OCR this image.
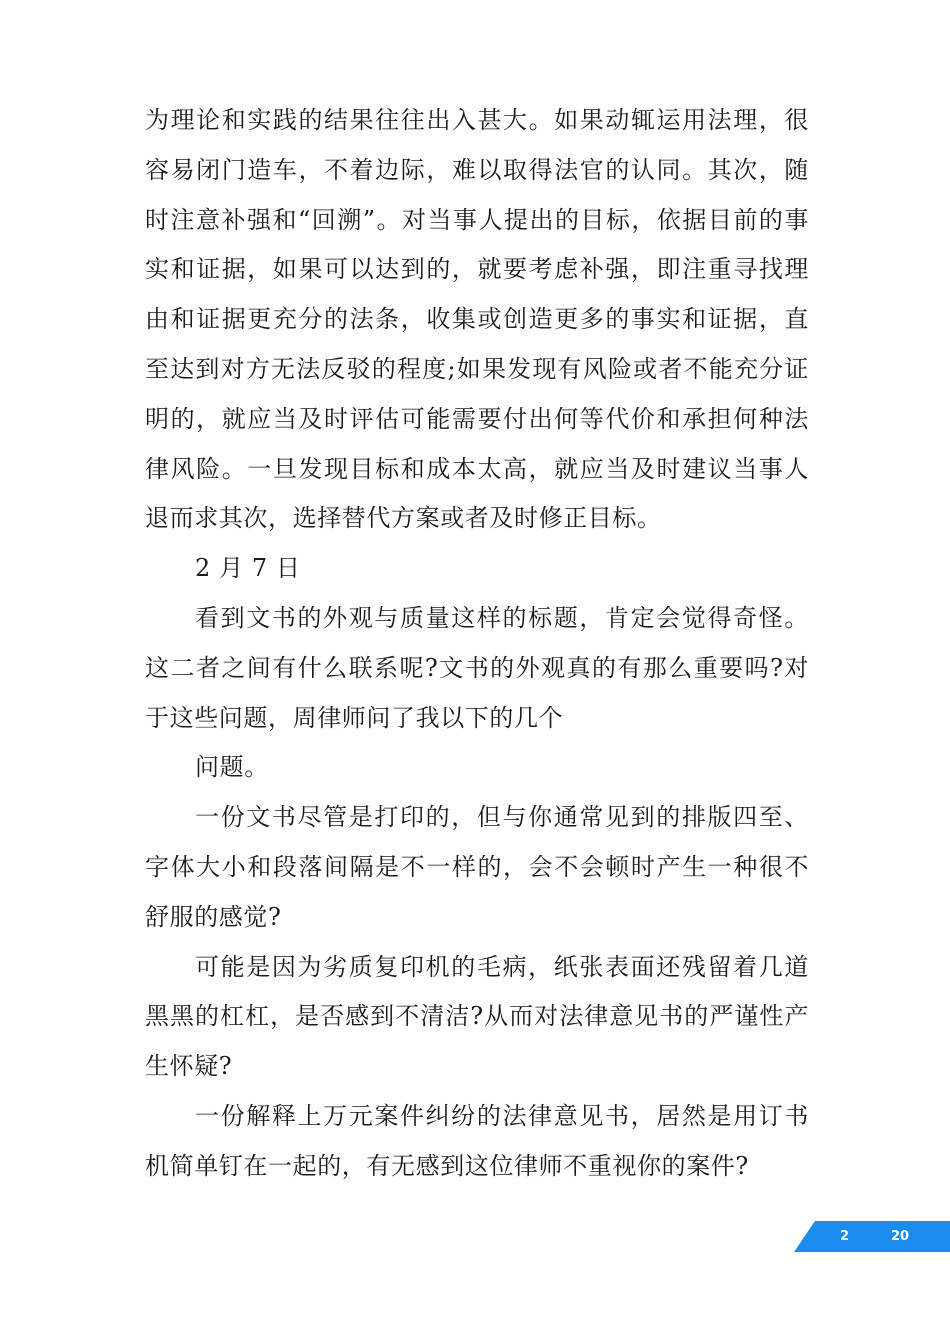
为理论和实践的结果往往出入甚大。如果动辄运用法理，很容易闭门造车，不着边际，难以取得法官的认同。其次，随时注意补强和“回溯”。对当事人提出的目标，依据目前的事实和证据，如果可以达到的，就要考虑补强，即注重寻找理由和证据更充分的法条，收集或创造更多的事实和证据，直至达到对方无法反驳的程度;如果发现有风险或者不能充分证明的，就应当及时评估可能需要付出何等代价和承担何种法律风险。一旦发现目标和成本太高，就应当及时建议当事人退而求其次，选择替代方案或者及时修正目标。

2 月 7 日

看到文书的外观与质量这样的标题，肯定会觉得奇怪。这二者之间有什么联系呢?文书的外观真的有那么重要吗?对于这些问题，周律师问了我以下的几个

问题。

一份文书尽管是打印的，但与你通常见到的排版四至、字体大小和段落间隔是不一样的，会不会顿时产生一种很不舒服的感觉?

可能是因为劣质复印机的毛病，纸张表面还残留着几道黑黑的杠杠，是否感到不清洁?从而对法律意见书的严谨性产生怀疑?

一份解释上万元案件纠纷的法律意见书，居然是用订书机简单钉在一起的，有无感到这位律师不重视你的案件?

2	20
